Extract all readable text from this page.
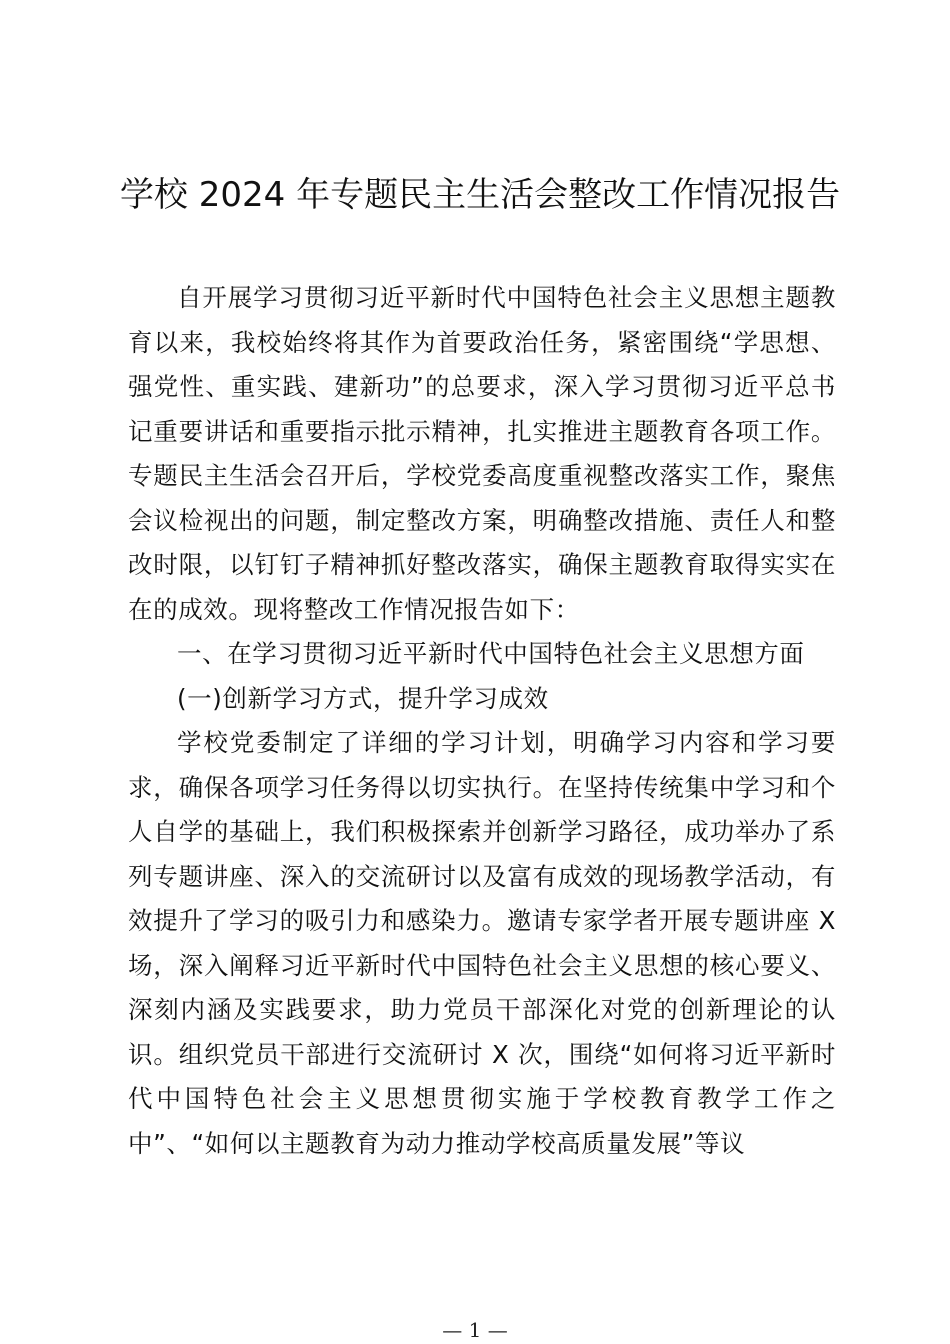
学校 2024 年专题民主生活会整改工作情况报告

自开展学习贯彻习近平新时代中国特色社会主义思想主题教育以来，我校始终将其作为首要政治任务，紧密围绕“学思想、强党性、重实践、建新功”的总要求，深入学习贯彻习近平总书记重要讲话和重要指示批示精神，扎实推进主题教育各项工作。专题民主生活会召开后，学校党委高度重视整改落实工作，聚焦会议检视出的问题，制定整改方案，明确整改措施、责任人和整改时限，以钉钉子精神抓好整改落实，确保主题教育取得实实在在的成效。现将整改工作情况报告如下：

一、在学习贯彻习近平新时代中国特色社会主义思想方面

(一)创新学习方式，提升学习成效

学校党委制定了详细的学习计划，明确学习内容和学习要求，确保各项学习任务得以切实执行。在坚持传统集中学习和个人自学的基础上，我们积极探索并创新学习路径，成功举办了系列专题讲座、深入的交流研讨以及富有成效的现场教学活动，有效提升了学习的吸引力和感染力。邀请专家学者开展专题讲座 X 场，深入阐释习近平新时代中国特色社会主义思想的核心要义、深刻内涵及实践要求，助力党员干部深化对党的创新理论的认识。组织党员干部进行交流研讨 X 次，围绕“如何将习近平新时代中国特色社会主义思想贯彻实施于学校教育教学工作之中”、“如何以主题教育为动力推动学校高质量发展”等议

— 1 —
